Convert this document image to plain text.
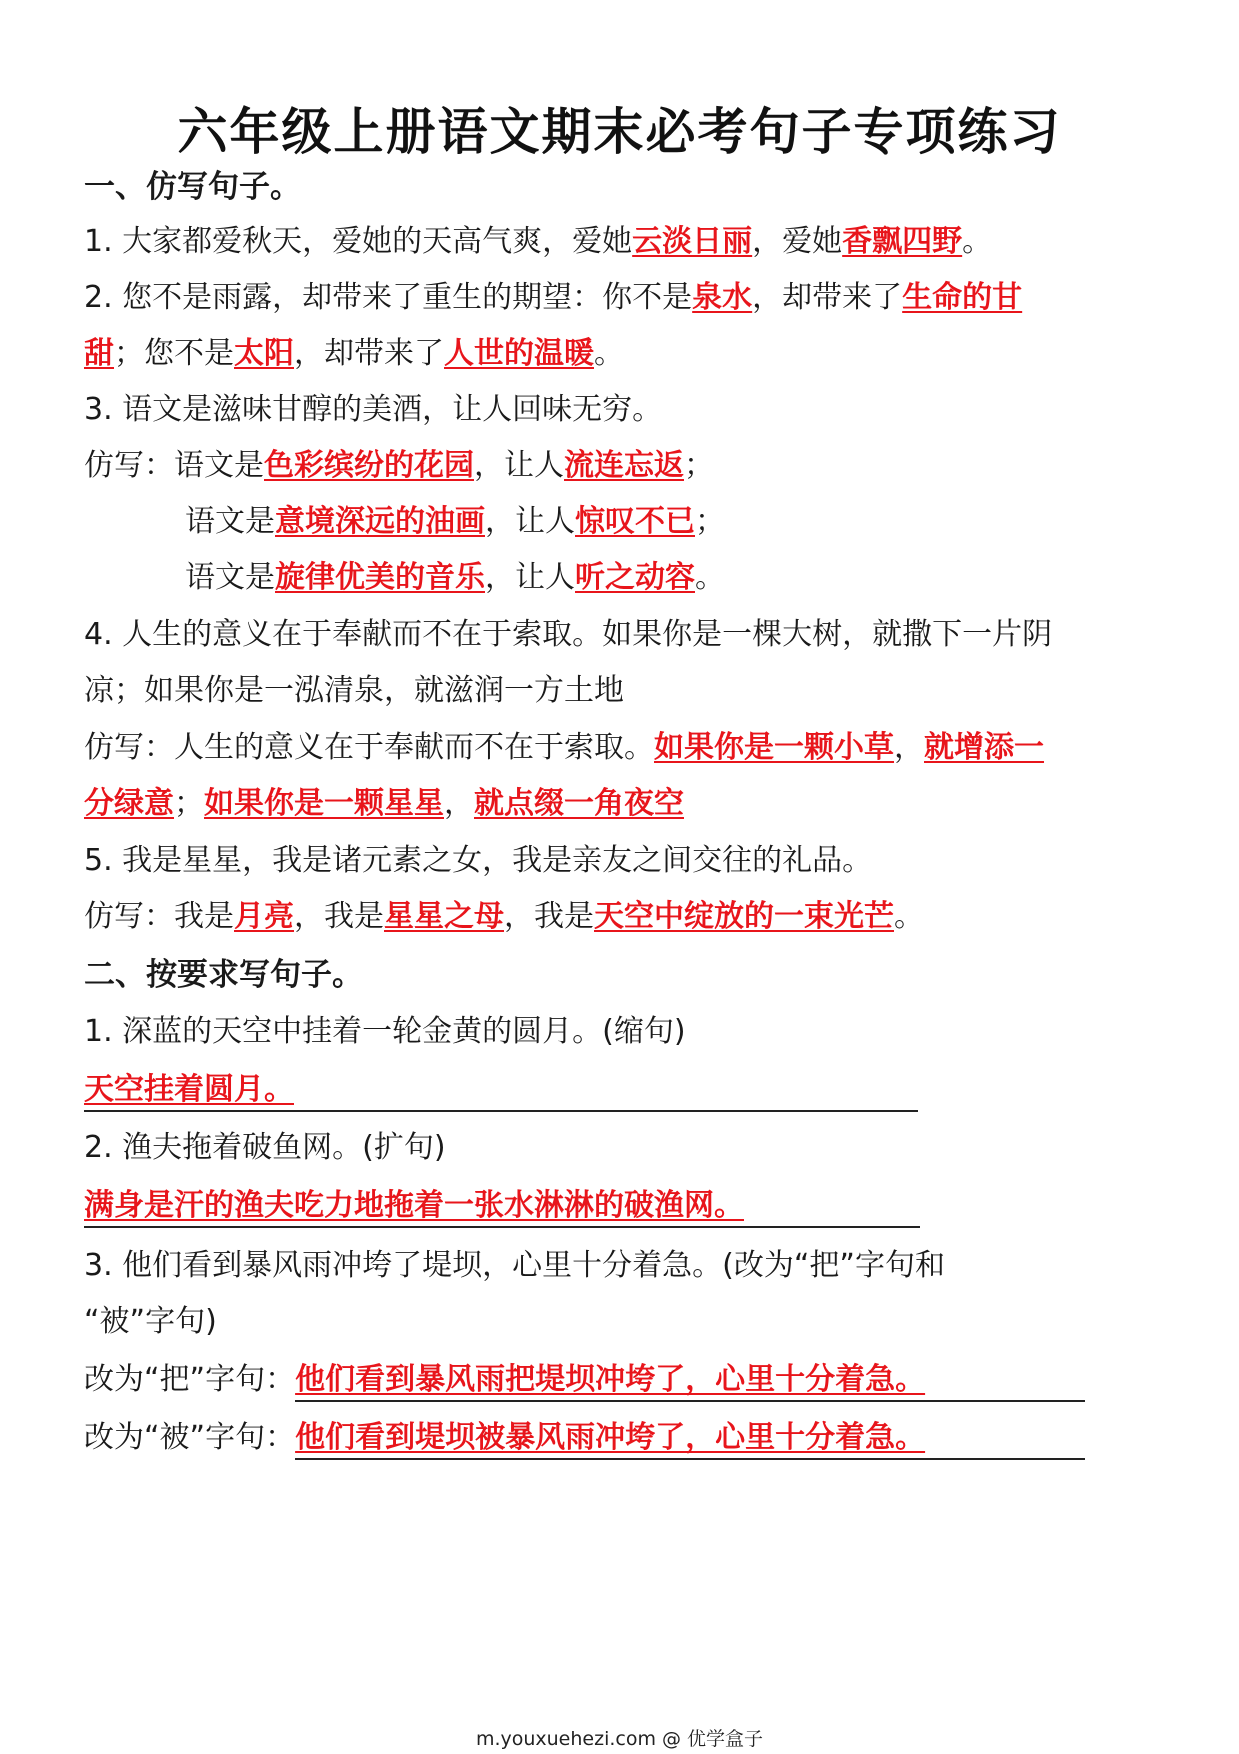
六年级上册语文期末必考句子专项练习
一、仿写句子。
1. 大家都爱秋天，爱她的天高气爽，爱她云淡日丽，爱她香飘四野。
2. 您不是雨露，却带来了重生的期望：你不是泉水，却带来了生命的甘
甜；您不是太阳，却带来了人世的温暖。
3. 语文是滋味甘醇的美酒，让人回味无穷。
仿写：语文是色彩缤纷的花园，让人流连忘返；
语文是意境深远的油画，让人惊叹不已；
语文是旋律优美的音乐，让人听之动容。
4. 人生的意义在于奉献而不在于索取。如果你是一棵大树，就撒下一片阴
凉；如果你是一泓清泉，就滋润一方土地
仿写：人生的意义在于奉献而不在于索取。如果你是一颗小草，就增添一
分绿意；如果你是一颗星星，就点缀一角夜空
5. 我是星星，我是诸元素之女，我是亲友之间交往的礼品。
仿写：我是月亮，我是星星之母，我是天空中绽放的一束光芒。
二、按要求写句子。
1. 深蓝的天空中挂着一轮金黄的圆月。(缩句)
天空挂着圆月。
2. 渔夫拖着破鱼网。(扩句)
满身是汗的渔夫吃力地拖着一张水淋淋的破渔网。
3. 他们看到暴风雨冲垮了堤坝，心里十分着急。(改为“把”字句和
“被”字句)
改为“把”字句：他们看到暴风雨把堤坝冲垮了，心里十分着急。
改为“被”字句：他们看到堤坝被暴风雨冲垮了，心里十分着急。
m.youxuehezi.com @ 优学盒子
